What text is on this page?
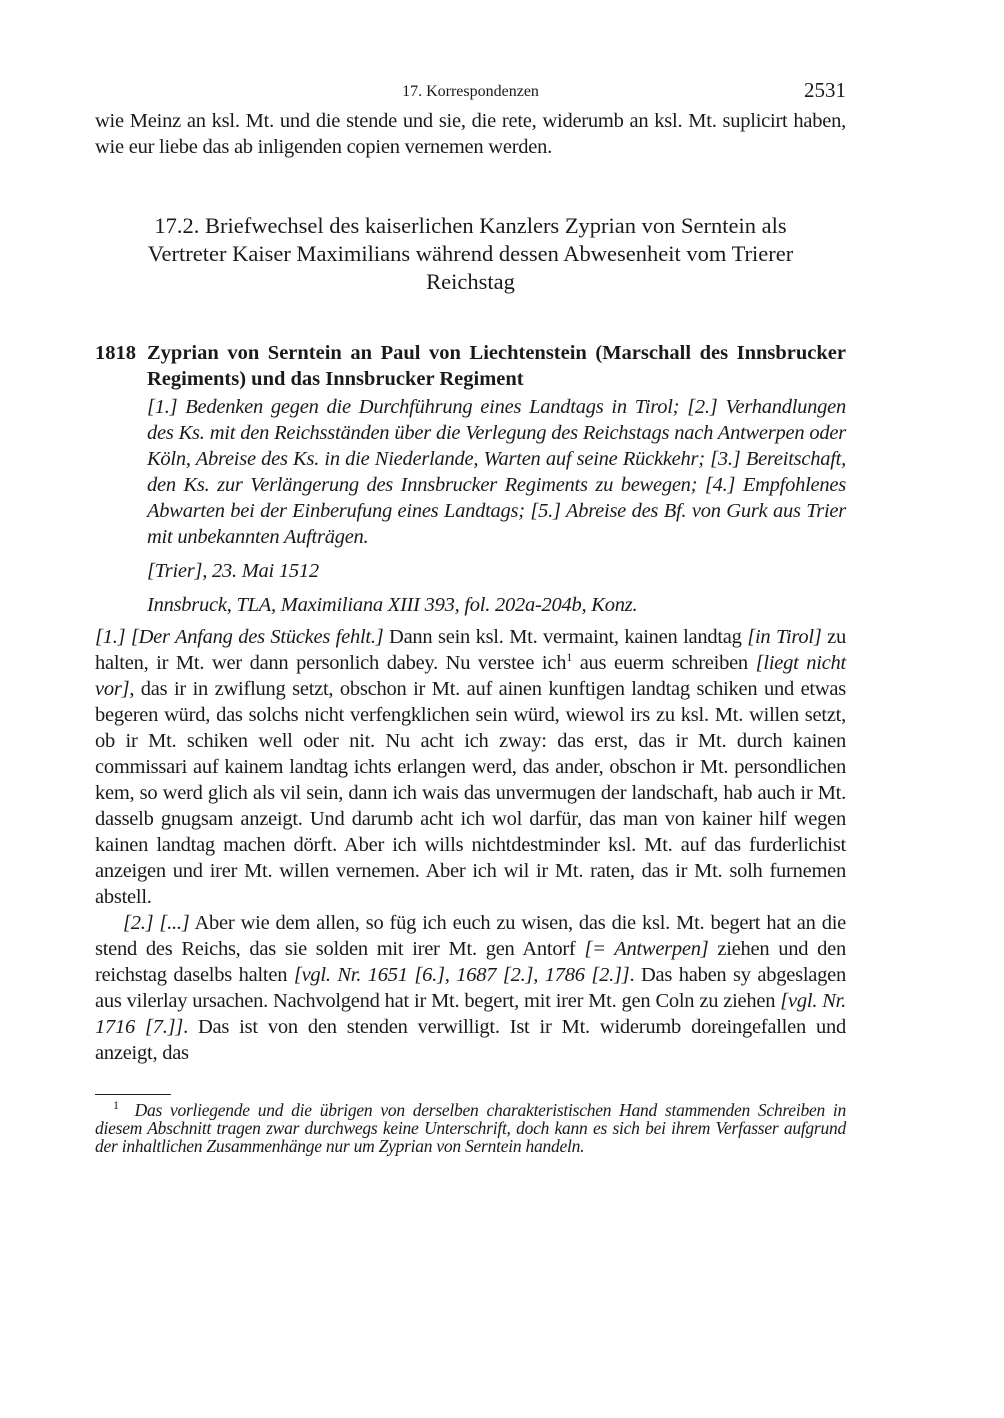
17. Korrespondenzen	2531

wie Meinz an ksl. Mt. und die stende und sie, die rete, widerumb an ksl. Mt. suplicirt haben, wie eur liebe das ab inligenden copien vernemen werden.

17.2. Briefwechsel des kaiserlichen Kanzlers Zyprian von Serntein als Vertreter Kaiser Maximilians während dessen Abwesenheit vom Trierer Reichstag
1818 Zyprian von Serntein an Paul von Liechtenstein (Marschall des Innsbrucker Regiments) und das Innsbrucker Regiment

[1.] Bedenken gegen die Durchführung eines Landtags in Tirol; [2.] Verhandlungen des Ks. mit den Reichsständen über die Verlegung des Reichstags nach Antwerpen oder Köln, Abreise des Ks. in die Niederlande, Warten auf seine Rückkehr; [3.] Bereitschaft, den Ks. zur Verlängerung des Innsbrucker Regiments zu bewegen; [4.] Empfohlenes Abwarten bei der Einberufung eines Landtags; [5.] Abreise des Bf. von Gurk aus Trier mit unbekannten Aufträgen.

[Trier], 23. Mai 1512

Innsbruck, TLA, Maximiliana XIII 393, fol. 202a-204b, Konz.

[1.] [Der Anfang des Stückes fehlt.] Dann sein ksl. Mt. vermaint, kainen landtag [in Tirol] zu halten, ir Mt. wer dann personlich dabey. Nu verstee ich$^1$ aus euerm schreiben [liegt nicht vor], das ir in zwiflung setzt, obschon ir Mt. auf ainen kunftigen landtag schiken und etwas begeren würd, das solchs nicht verfengklichen sein würd, wiewol irs zu ksl. Mt. willen setzt, ob ir Mt. schiken well oder nit. Nu acht ich zway: das erst, das ir Mt. durch kainen commissari auf kainem landtag ichts erlangen werd, das ander, obschon ir Mt. persondlichen kem, so werd glich als vil sein, dann ich wais das unvermugen der landschaft, hab auch ir Mt. dasselb gnugsam anzeigt. Und darumb acht ich wol darfür, das man von kainer hilf wegen kainen landtag machen dörft. Aber ich wills nichtdestminder ksl. Mt. auf das furderlichist anzeigen und irer Mt. willen vernemen. Aber ich wil ir Mt. raten, das ir Mt. solh furnemen abstell.

[2.] [...] Aber wie dem allen, so füg ich euch zu wisen, das die ksl. Mt. begert hat an die stend des Reichs, das sie solden mit irer Mt. gen Antorf [= Antwerpen] ziehen und den reichstag daselbs halten [vgl. Nr. 1651 [6.], 1687 [2.], 1786 [2.]]. Das haben sy abgeslagen aus vilerlay ursachen. Nachvolgend hat ir Mt. begert, mit irer Mt. gen Coln zu ziehen [vgl. Nr. 1716 [7.]]. Das ist von den stenden verwilligt. Ist ir Mt. widerumb doreingefallen und anzeigt, das

$^1$ Das vorliegende und die übrigen von derselben charakteristischen Hand stammenden Schreiben in diesem Abschnitt tragen zwar durchwegs keine Unterschrift, doch kann es sich bei ihrem Verfasser aufgrund der inhaltlichen Zusammenhänge nur um Zyprian von Serntein handeln.
